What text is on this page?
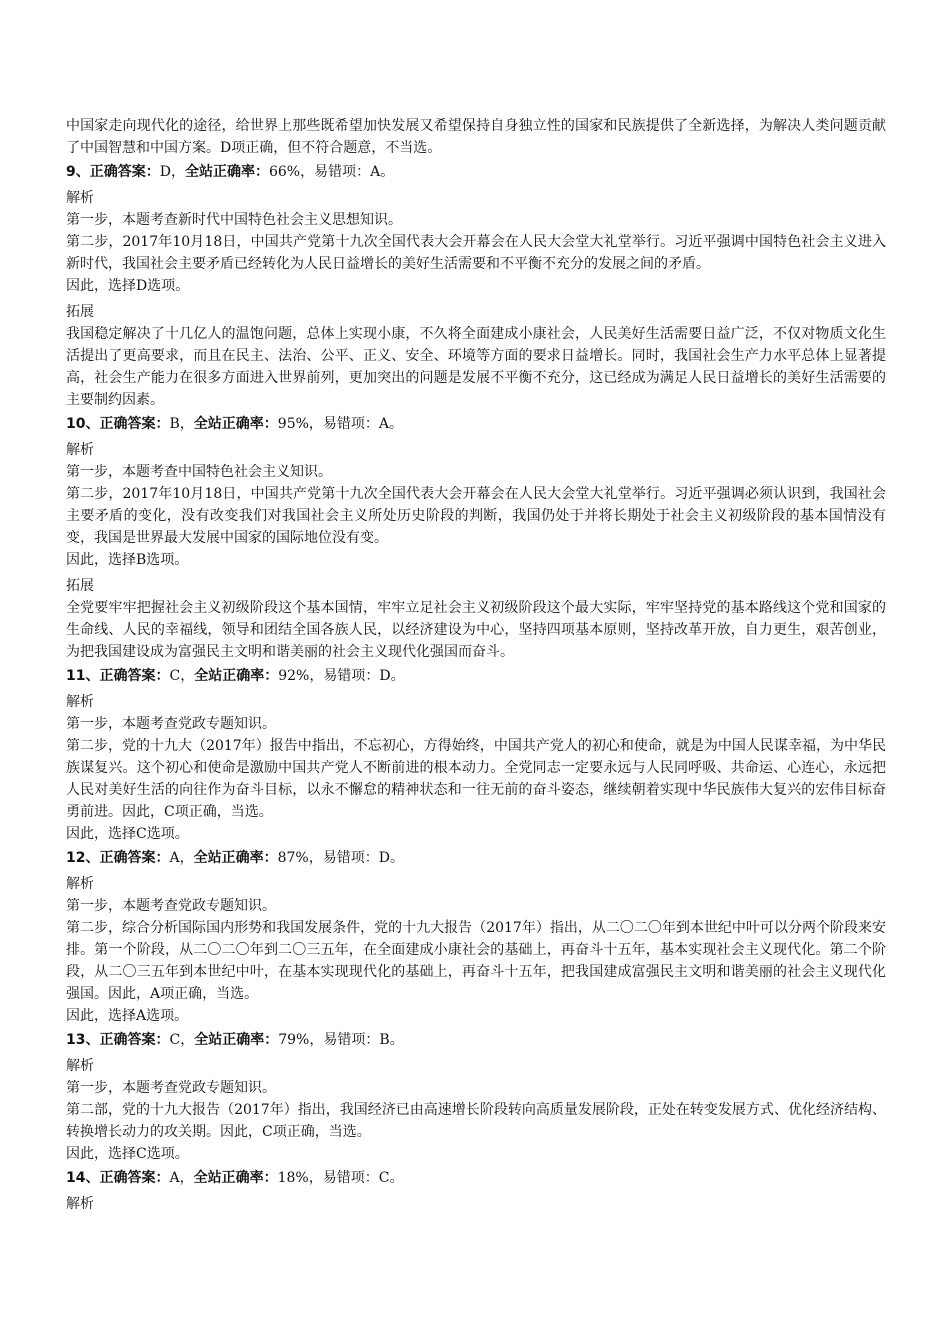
中国家走向现代化的途径，给世界上那些既希望加快发展又希望保持自身独立性的国家和民族提供了全新选择，为解决人类问题贡献了中国智慧和中国方案。D项正确，但不符合题意，不当选。

9、正确答案：D，全站正确率：66%，易错项：A。

解析

第一步，本题考查新时代中国特色社会主义思想知识。

第二步，2017年10月18日，中国共产党第十九次全国代表大会开幕会在人民大会堂大礼堂举行。习近平强调中国特色社会主义进入新时代，我国社会主要矛盾已经转化为人民日益增长的美好生活需要和不平衡不充分的发展之间的矛盾。

因此，选择D选项。

拓展

我国稳定解决了十几亿人的温饱问题，总体上实现小康，不久将全面建成小康社会，人民美好生活需要日益广泛，不仅对物质文化生活提出了更高要求，而且在民主、法治、公平、正义、安全、环境等方面的要求日益增长。同时，我国社会生产力水平总体上显著提高，社会生产能力在很多方面进入世界前列，更加突出的问题是发展不平衡不充分，这已经成为满足人民日益增长的美好生活需要的主要制约因素。

10、正确答案：B，全站正确率：95%，易错项：A。

解析

第一步，本题考查中国特色社会主义知识。

第二步，2017年10月18日，中国共产党第十九次全国代表大会开幕会在人民大会堂大礼堂举行。习近平强调必须认识到，我国社会主要矛盾的变化，没有改变我们对我国社会主义所处历史阶段的判断，我国仍处于并将长期处于社会主义初级阶段的基本国情没有变，我国是世界最大发展中国家的国际地位没有变。

因此，选择B选项。

拓展

全党要牢牢把握社会主义初级阶段这个基本国情，牢牢立足社会主义初级阶段这个最大实际，牢牢坚持党的基本路线这个党和国家的生命线、人民的幸福线，领导和团结全国各族人民，以经济建设为中心，坚持四项基本原则，坚持改革开放，自力更生，艰苦创业，为把我国建设成为富强民主文明和谐美丽的社会主义现代化强国而奋斗。

11、正确答案：C，全站正确率：92%，易错项：D。

解析

第一步，本题考查党政专题知识。

第二步，党的十九大（2017年）报告中指出，不忘初心，方得始终，中国共产党人的初心和使命，就是为中国人民谋幸福，为中华民族谋复兴。这个初心和使命是激励中国共产党人不断前进的根本动力。全党同志一定要永远与人民同呼吸、共命运、心连心，永远把人民对美好生活的向往作为奋斗目标，以永不懈怠的精神状态和一往无前的奋斗姿态，继续朝着实现中华民族伟大复兴的宏伟目标奋勇前进。因此，C项正确，当选。

因此，选择C选项。

12、正确答案：A，全站正确率：87%，易错项：D。

解析

第一步，本题考查党政专题知识。

第二步，综合分析国际国内形势和我国发展条件，党的十九大报告（2017年）指出，从二〇二〇年到本世纪中叶可以分两个阶段来安排。第一个阶段，从二〇二〇年到二〇三五年，在全面建成小康社会的基础上，再奋斗十五年，基本实现社会主义现代化。第二个阶段，从二〇三五年到本世纪中叶，在基本实现现代化的基础上，再奋斗十五年，把我国建成富强民主文明和谐美丽的社会主义现代化强国。因此，A项正确，当选。

因此，选择A选项。

13、正确答案：C，全站正确率：79%，易错项：B。

解析

第一步，本题考查党政专题知识。

第二部，党的十九大报告（2017年）指出，我国经济已由高速增长阶段转向高质量发展阶段，正处在转变发展方式、优化经济结构、转换增长动力的攻关期。因此，C项正确，当选。

因此，选择C选项。

14、正确答案：A，全站正确率：18%，易错项：C。

解析
